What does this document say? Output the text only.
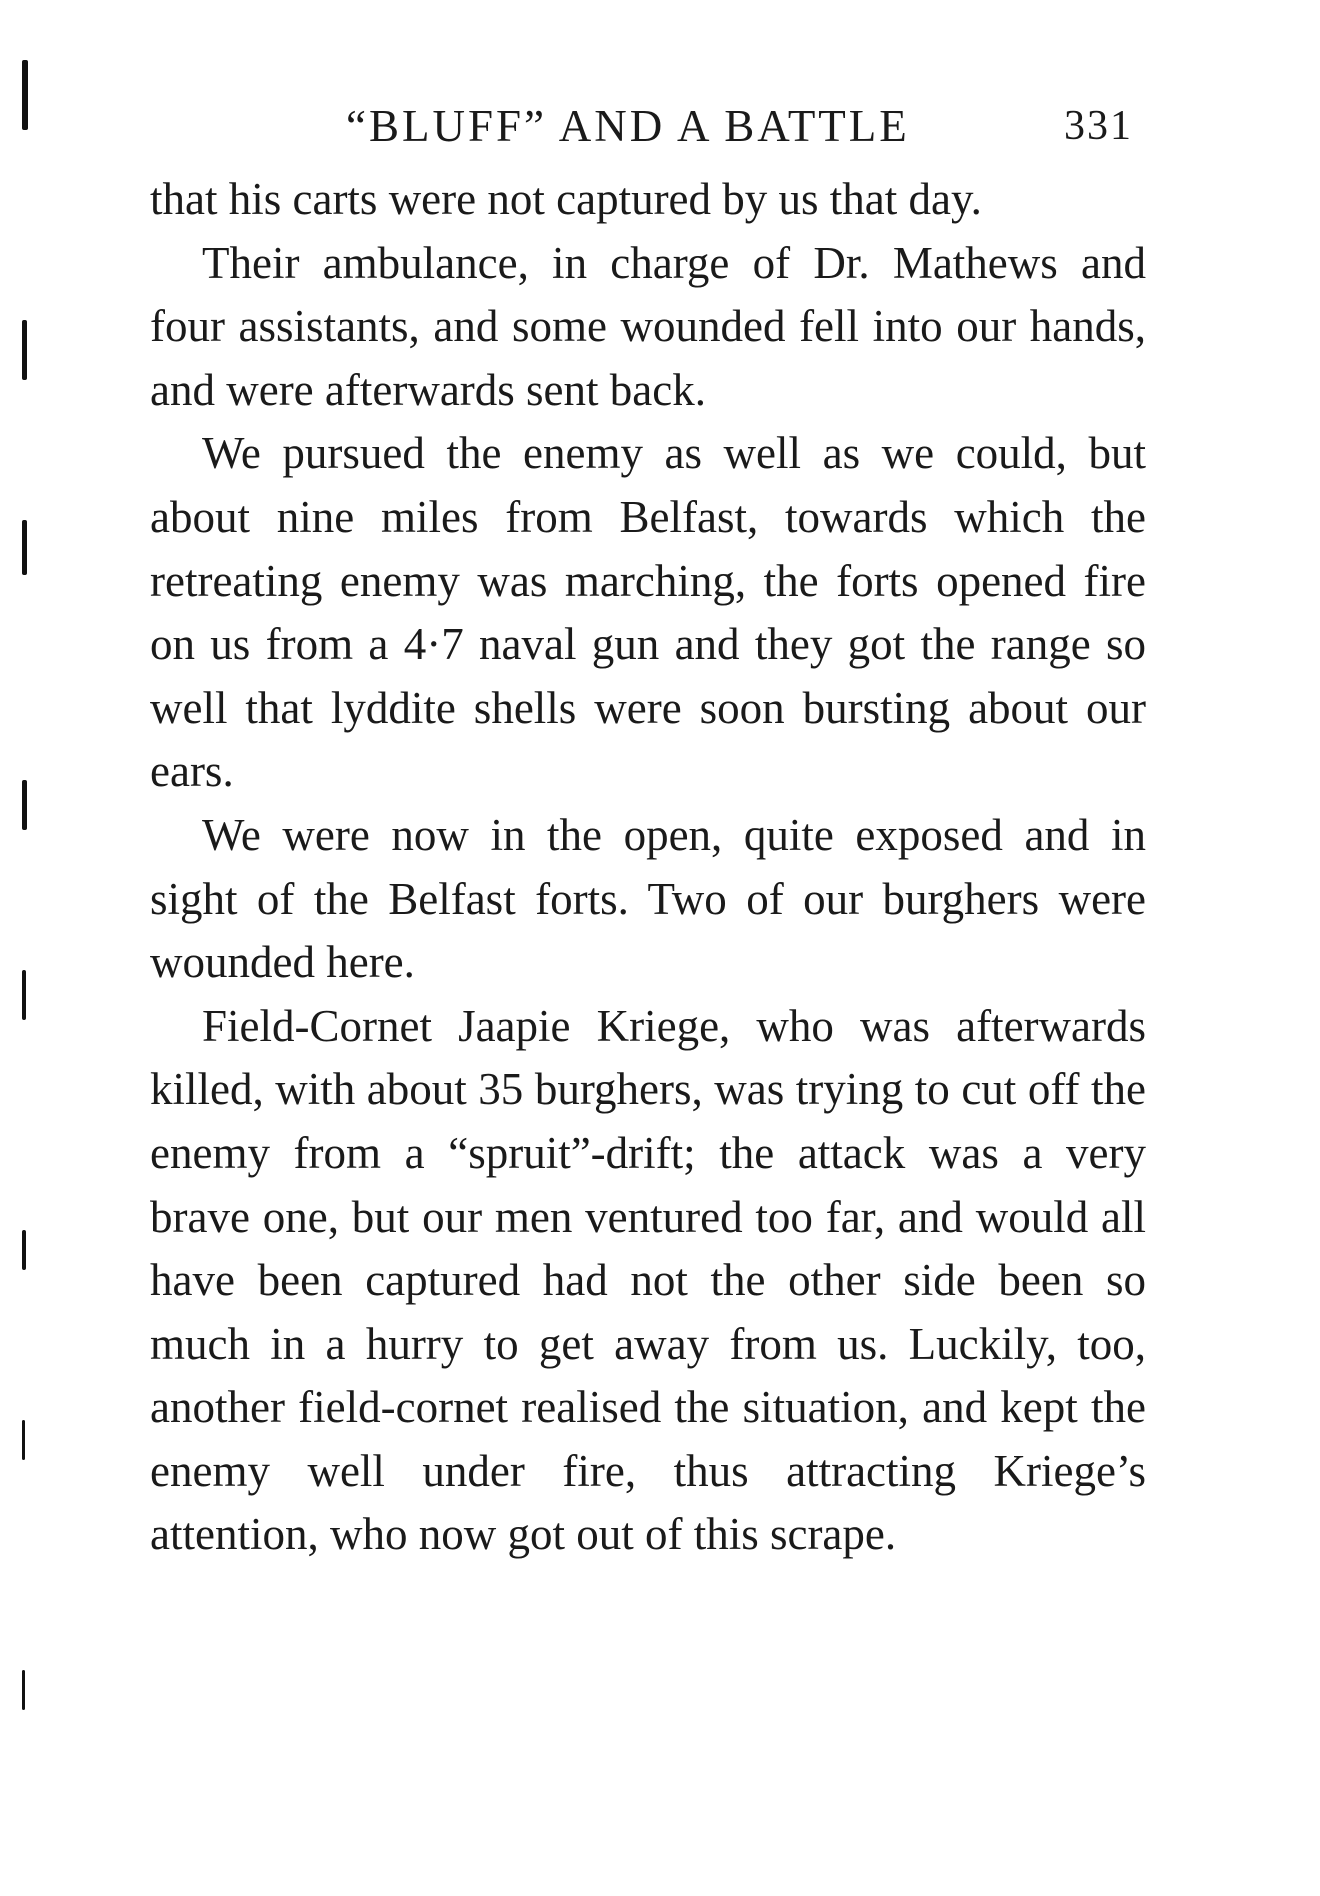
“BLUFF” AND A BATTLE	331

that his carts were not captured by us that day.

Their ambulance, in charge of Dr. Mathews and four assistants, and some wounded fell into our hands, and were afterwards sent back.

We pursued the enemy as well as we could, but about nine miles from Belfast, towards which the retreating enemy was marching, the forts opened fire on us from a 4·7 naval gun and they got the range so well that lyddite shells were soon bursting about our ears.

We were now in the open, quite exposed and in sight of the Belfast forts. Two of our burghers were wounded here.

Field-Cornet Jaapie Kriege, who was afterwards killed, with about 35 burghers, was trying to cut off the enemy from a “spruit”-drift; the attack was a very brave one, but our men ventured too far, and would all have been captured had not the other side been so much in a hurry to get away from us. Luckily, too, another field-cornet realised the situation, and kept the enemy well under fire, thus attracting Kriege’s attention, who now got out of this scrape.
